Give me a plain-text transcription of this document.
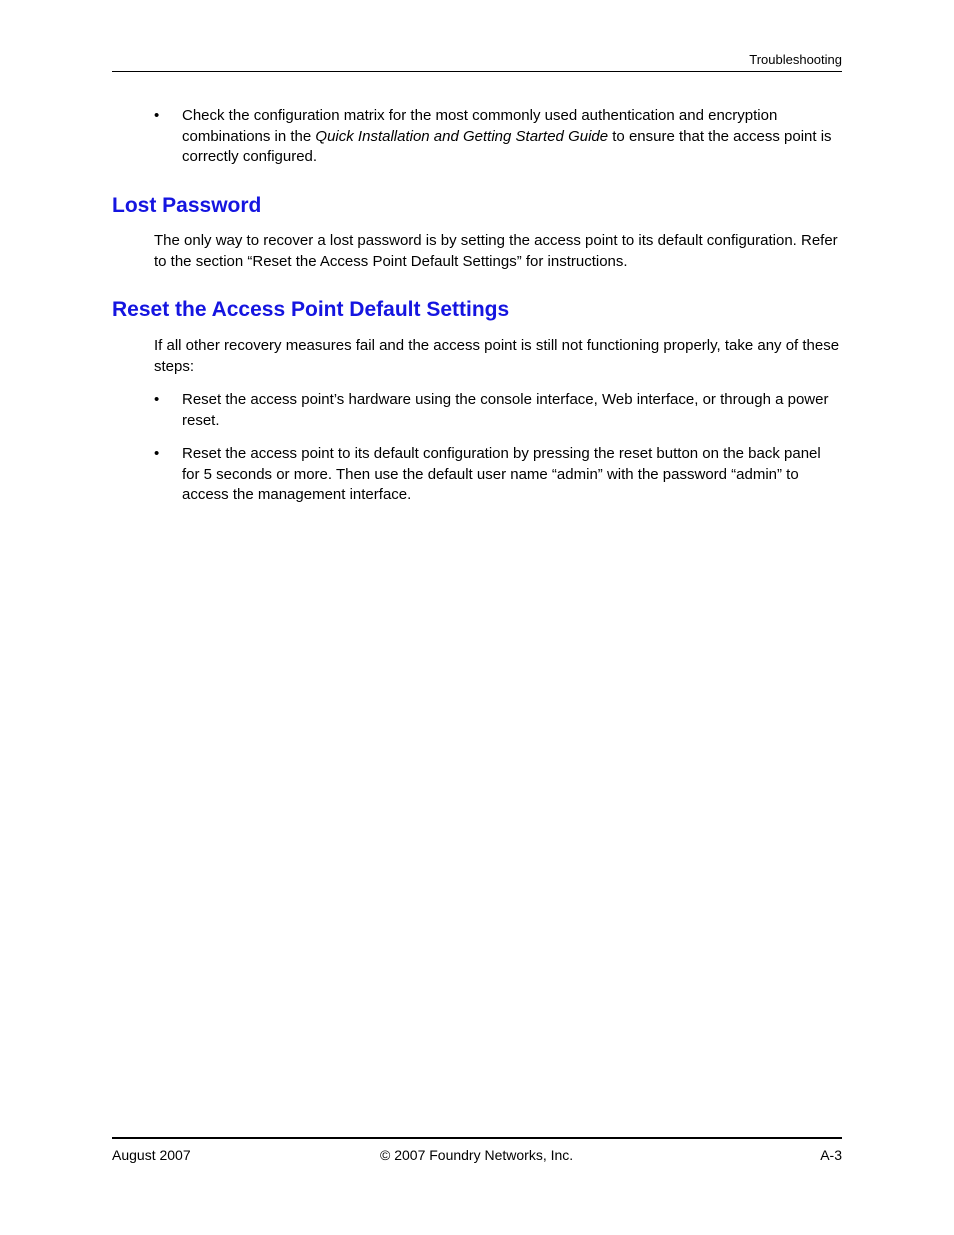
Troubleshooting
• Check the configuration matrix for the most commonly used authentication and encryption combinations in the Quick Installation and Getting Started Guide to ensure that the access point is correctly configured.
Lost Password

The only way to recover a lost password is by setting the access point to its default configuration. Refer to the section “Reset the Access Point Default Settings” for instructions.

Reset the Access Point Default Settings

If all other recovery measures fail and the access point is still not functioning properly, take any of these steps:

• Reset the access point’s hardware using the console interface, Web interface, or through a power reset.
• Reset the access point to its default configuration by pressing the reset button on the back panel for 5 seconds or more. Then use the default user name “admin” with the password “admin” to access the management interface.
August 2007	© 2007 Foundry Networks, Inc.	A-3
